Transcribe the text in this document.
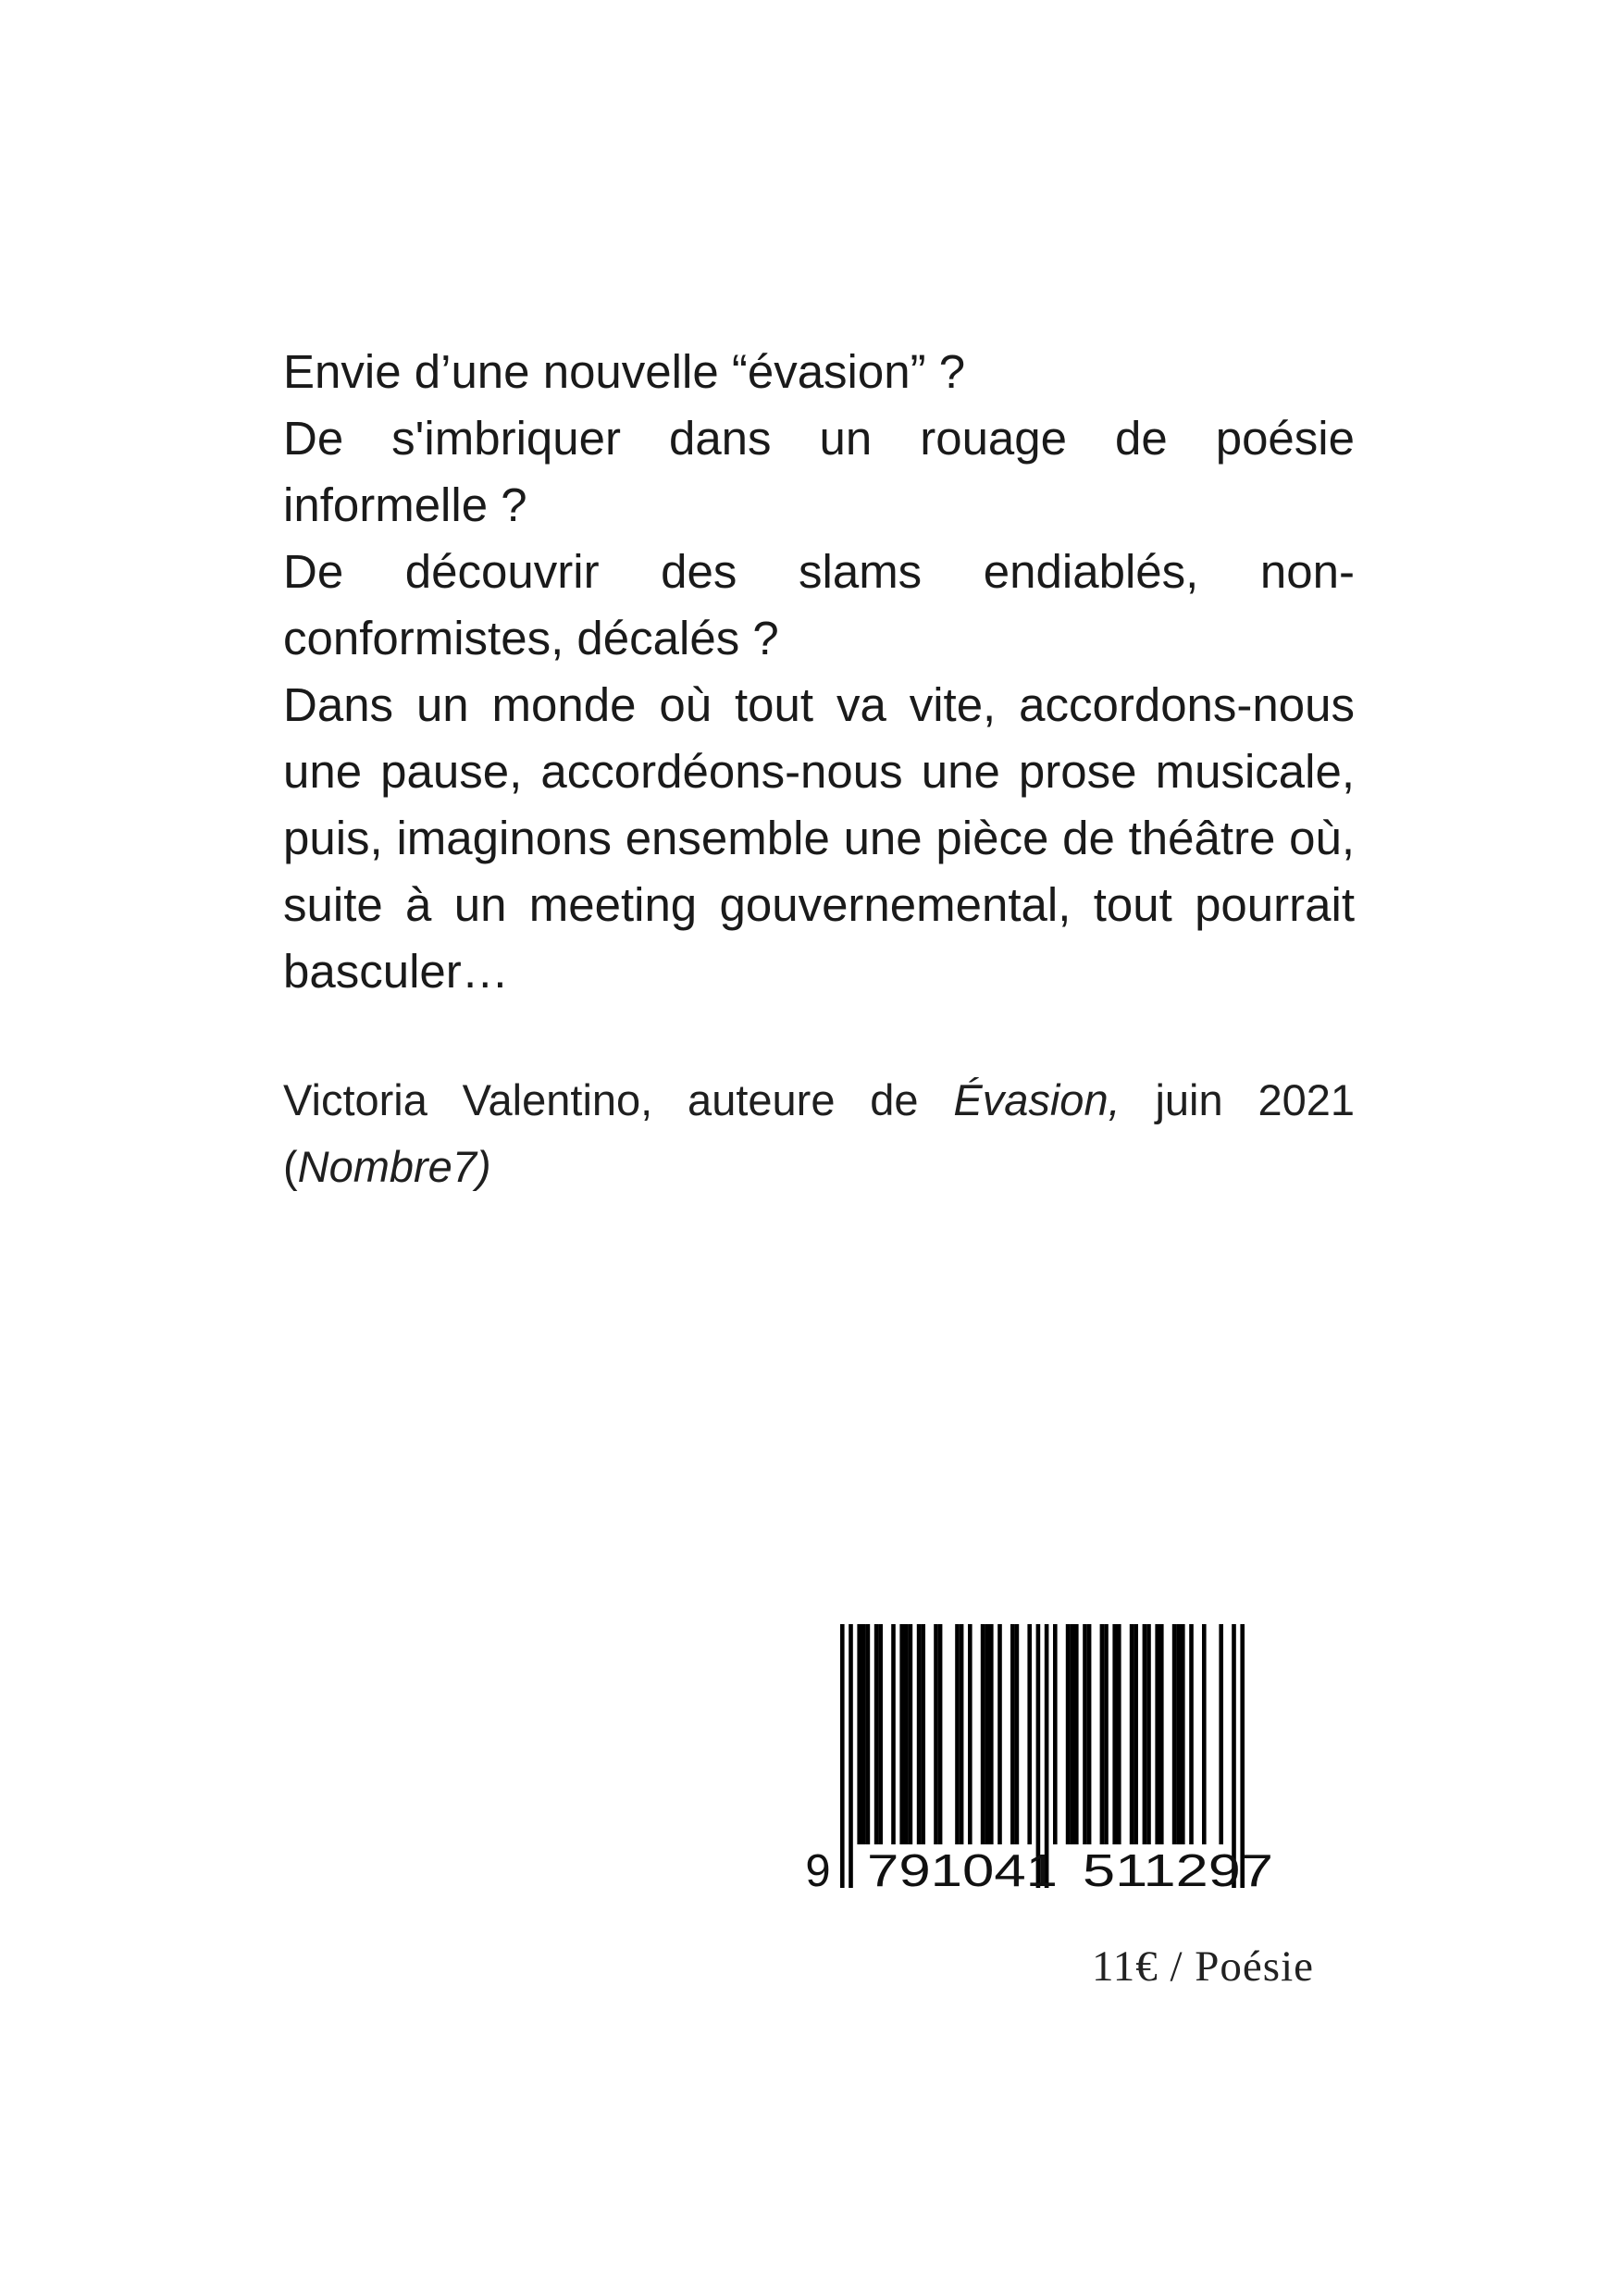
Envie d’une nouvelle “évasion” ?

De s'imbriquer dans un rouage de poésie informelle ?

De découvrir des slams endiablés, non-conformistes, décalés ?

Dans un monde où tout va vite, accordons-nous une pause, accordéons-nous une prose musicale, puis, imaginons ensemble une pièce de théâtre où, suite à un meeting gouvernemental, tout pourrait basculer…

Victoria Valentino, auteure de Évasion, juin 2021 (Nombre7)

9 791041 511297
11€ / Poésie
